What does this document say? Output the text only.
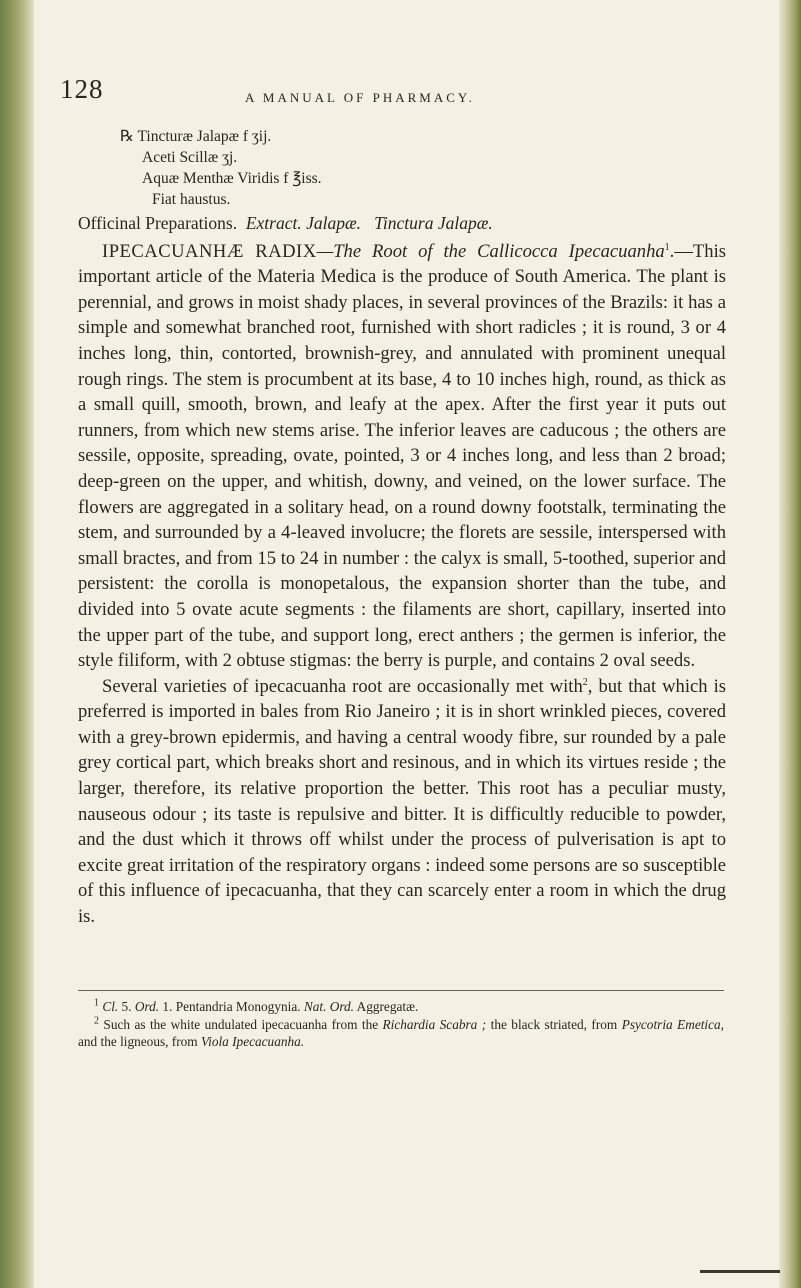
128	A MANUAL OF PHARMACY.
℞ Tincturæ Jalapæ f ʒij.
Aceti Scillæ ʒj.
Aquæ Menthæ Viridis f ℥iss.
Fiat haustus.

Officinal Preparations. Extract. Jalapæ. Tinctura Jalapæ.

IPECACUANHÆ RADIX—The Root of the Callicocca Ipecacuanha$^1$.—This important article of the Materia Medica is the produce of South America. The plant is perennial, and grows in moist shady places, in several provinces of the Brazils: it has a simple and somewhat branched root, furnished with short radicles ; it is round, 3 or 4 inches long, thin, contorted, brownish-grey, and annulated with prominent unequal rough rings. The stem is procumbent at its base, 4 to 10 inches high, round, as thick as a small quill, smooth, brown, and leafy at the apex. After the first year it puts out runners, from which new stems arise. The inferior leaves are caducous ; the others are sessile, opposite, spreading, ovate, pointed, 3 or 4 inches long, and less than 2 broad; deep-green on the upper, and whitish, downy, and veined, on the lower surface. The flowers are aggregated in a solitary head, on a round downy footstalk, terminating the stem, and surrounded by a 4-leaved involucre; the florets are sessile, interspersed with small bractes, and from 15 to 24 in number : the calyx is small, 5-toothed, superior and persistent: the corolla is monopetalous, the expansion shorter than the tube, and divided into 5 ovate acute segments : the filaments are short, capillary, inserted into the upper part of the tube, and support long, erect anthers ; the germen is inferior, the style filiform, with 2 obtuse stigmas: the berry is purple, and contains 2 oval seeds.

Several varieties of ipecacuanha root are occasionally met with$^2$, but that which is preferred is imported in bales from Rio Janeiro ; it is in short wrinkled pieces, covered with a grey-brown epidermis, and having a central woody fibre, sur rounded by a pale grey cortical part, which breaks short and resinous, and in which its virtues reside ; the larger, therefore, its relative proportion the better. This root has a peculiar musty, nauseous odour ; its taste is repulsive and bitter. It is difficultly reducible to powder, and the dust which it throws off whilst under the process of pulverisation is apt to excite great irritation of the respiratory organs : indeed some persons are so susceptible of this influence of ipecacuanha, that they can scarcely enter a room in which the drug is.

$^1$ Cl. 5. Ord. 1. Pentandria Monogynia. Nat. Ord. Aggregatæ.

$^2$ Such as the white undulated ipecacuanha from the Richardia Scabra ; the black striated, from Psycotria Emetica, and the ligneous, from Viola Ipecacuanha.
